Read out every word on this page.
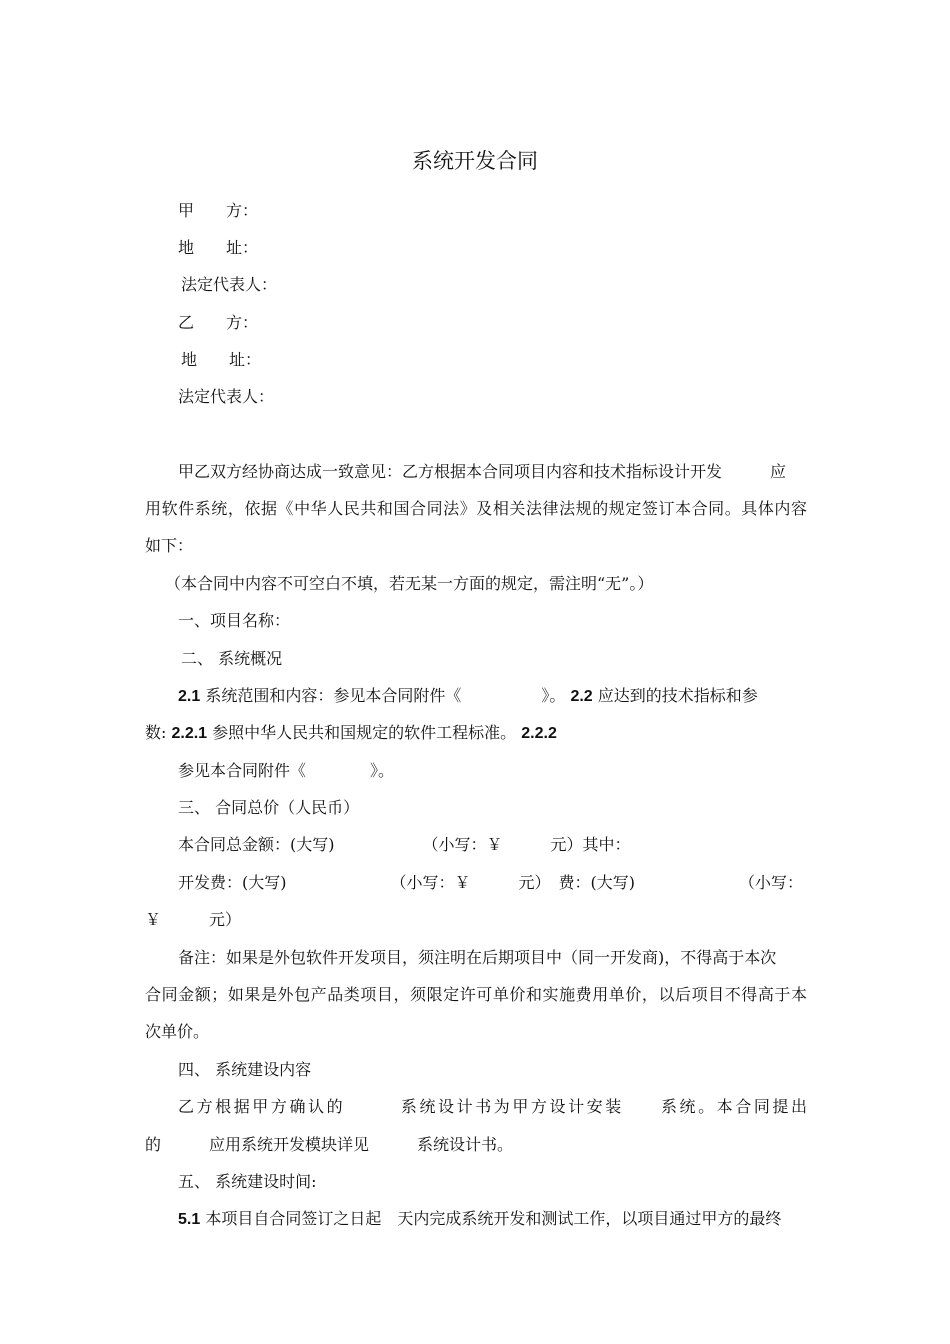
系统开发合同
甲　　方：
地　　址：
法定代表人：
乙　　方：
地　　址：
法定代表人：
甲乙双方经协商达成一致意见：乙方根据本合同项目内容和技术指标设计开发　　　应
用软件系统，依据《中华人民共和国合同法》及相关法律法规的规定签订本合同。具体内容
如下：
（本合同中内容不可空白不填，若无某一方面的规定，需注明“无”。）
一、项目名称：
二、 系统概况
2.1 系统范围和内容：参见本合同附件《　　　　　》。 2.2 应达到的技术指标和参
数: 2.2.1 参照中华人民共和国规定的软件工程标准。 2.2.2
参见本合同附件《　　　　》。
三、 合同总价（人民币）
本合同总金额：(大写)　　　　　　（小写：￥　　　元）其中：
开发费：(大写)　　　　　　　（小写：￥　　　元）　费：(大写)　　　　　　　（小写：
￥　　　元）
备注：如果是外包软件开发项目，须注明在后期项目中（同一开发商)，不得高于本次
合同金额；如果是外包产品类项目，须限定许可单价和实施费用单价，以后项目不得高于本
次单价。
四、 系统建设内容
乙方根据甲方确认的　　　系统设计书为甲方设计安装　　系统。本合同提出
的　　　应用系统开发模块详见　　　系统设计书。
五、 系统建设时间:
5.1 本项目自合同签订之日起　天内完成系统开发和测试工作，以项目通过甲方的最终
